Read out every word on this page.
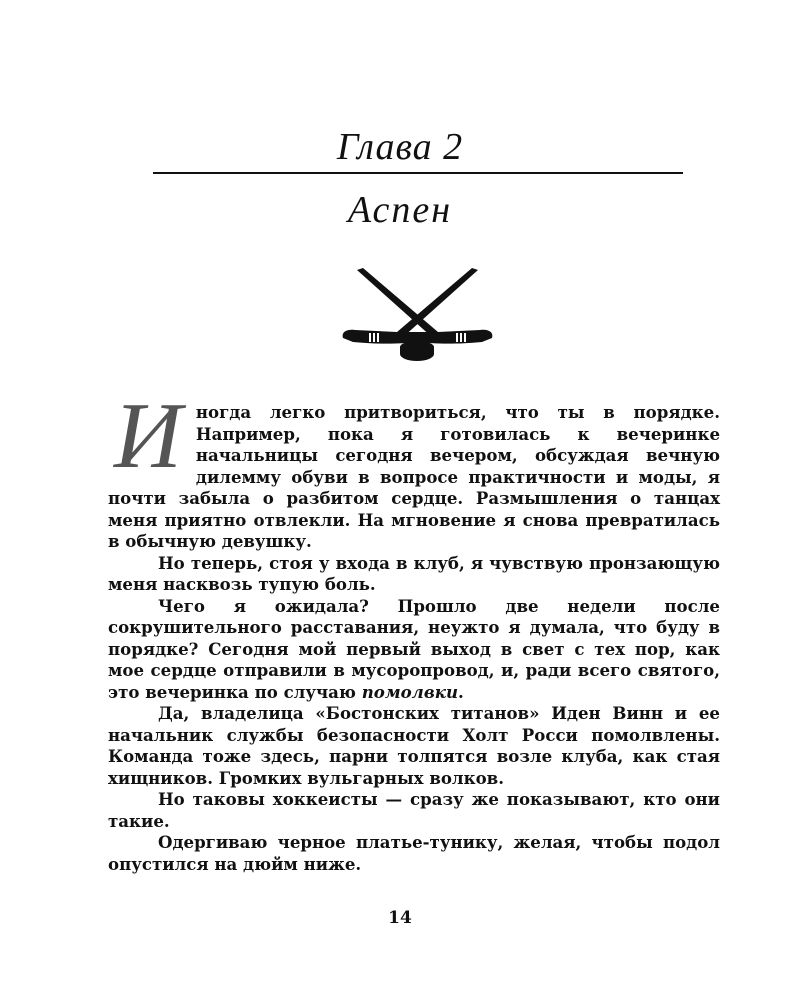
Глава 2
Аспен

Иногда легко притвориться, что ты в порядке. Например, пока я готовилась к вечеринке начальницы сегодня вечером, обсуждая вечную дилемму обуви в вопросе практичности и моды, я почти забыла о разбитом сердце. Размышления о танцах меня приятно отвлекли. На мгновение я снова превратилась в обычную девушку.

Но теперь, стоя у входа в клуб, я чувствую пронзающую меня насквозь тупую боль.

Чего я ожидала? Прошло две недели после сокрушительного расставания, неужто я думала, что буду в порядке? Сегодня мой первый выход в свет с тех пор, как мое сердце отправили в мусоропровод, и, ради всего святого, это вечеринка по случаю помолвки.

Да, владелица «Бостонских титанов» Иден Винн и ее начальник службы безопасности Холт Росси помолвлены. Команда тоже здесь, парни толпятся возле клуба, как стая хищников. Громких вульгарных волков.

Но таковы хоккеисты — сразу же показывают, кто они такие.

Одергиваю черное платье-тунику, желая, чтобы подол опустился на дюйм ниже.

14
